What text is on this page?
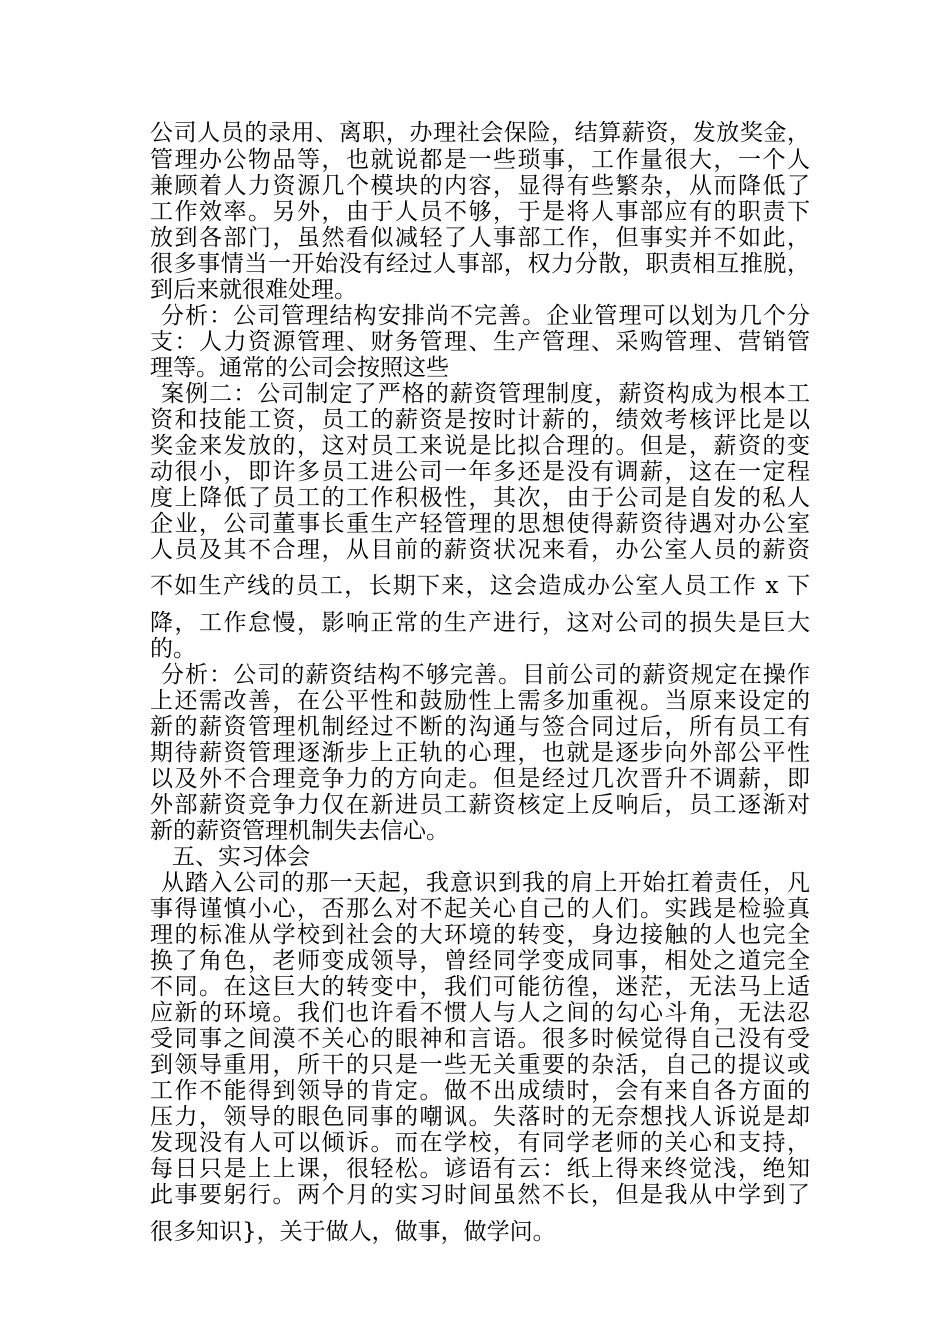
公司人员的录用、离职，办理社会保险，结算薪资，发放奖金，
管理办公物品等，也就说都是一些琐事，工作量很大，一个人
兼顾着人力资源几个模块的内容，显得有些繁杂，从而降低了
工作效率。另外，由于人员不够，于是将人事部应有的职责下
放到各部门，虽然看似减轻了人事部工作，但事实并不如此，
很多事情当一开始没有经过人事部，权力分散，职责相互推脱，
到后来就很难处理。
分析：公司管理结构安排尚不完善。企业管理可以划为几个分
支：人力资源管理、财务管理、生产管理、采购管理、营销管
理等。通常的公司会按照这些
案例二：公司制定了严格的薪资管理制度，薪资构成为根本工
资和技能工资，员工的薪资是按时计薪的，绩效考核评比是以
奖金来发放的，这对员工来说是比拟合理的。但是，薪资的变
动很小，即许多员工进公司一年多还是没有调薪，这在一定程
度上降低了员工的工作积极性，其次，由于公司是自发的私人
企业，公司董事长重生产轻管理的思想使得薪资待遇对办公室
人员及其不合理，从目前的薪资状况来看，办公室人员的薪资
不如生产线的员工，长期下来，这会造成办公室人员工作 x 下
降，工作怠慢，影响正常的生产进行，这对公司的损失是巨大
的。
分析：公司的薪资结构不够完善。目前公司的薪资规定在操作
上还需改善，在公平性和鼓励性上需多加重视。当原来设定的
新的薪资管理机制经过不断的沟通与签合同过后，所有员工有
期待薪资管理逐渐步上正轨的心理，也就是逐步向外部公平性
以及外不合理竞争力的方向走。但是经过几次晋升不调薪，即
外部薪资竞争力仅在新进员工薪资核定上反响后，员工逐渐对
新的薪资管理机制失去信心。
五、实习体会
从踏入公司的那一天起，我意识到我的肩上开始扛着责任，凡
事得谨慎小心，否那么对不起关心自己的人们。实践是检验真
理的标准从学校到社会的大环境的转变，身边接触的人也完全
换了角色，老师变成领导，曾经同学变成同事，相处之道完全
不同。在这巨大的转变中，我们可能彷徨，迷茫，无法马上适
应新的环境。我们也许看不惯人与人之间的勾心斗角，无法忍
受同事之间漠不关心的眼神和言语。很多时候觉得自己没有受
到领导重用，所干的只是一些无关重要的杂活，自己的提议或
工作不能得到领导的肯定。做不出成绩时，会有来自各方面的
压力，领导的眼色同事的嘲讽。失落时的无奈想找人诉说是却
发现没有人可以倾诉。而在学校，有同学老师的关心和支持，
每日只是上上课，很轻松。谚语有云：纸上得来终觉浅，绝知
此事要躬行。两个月的实习时间虽然不长，但是我从中学到了
很多知识}，关于做人，做事，做学问。
